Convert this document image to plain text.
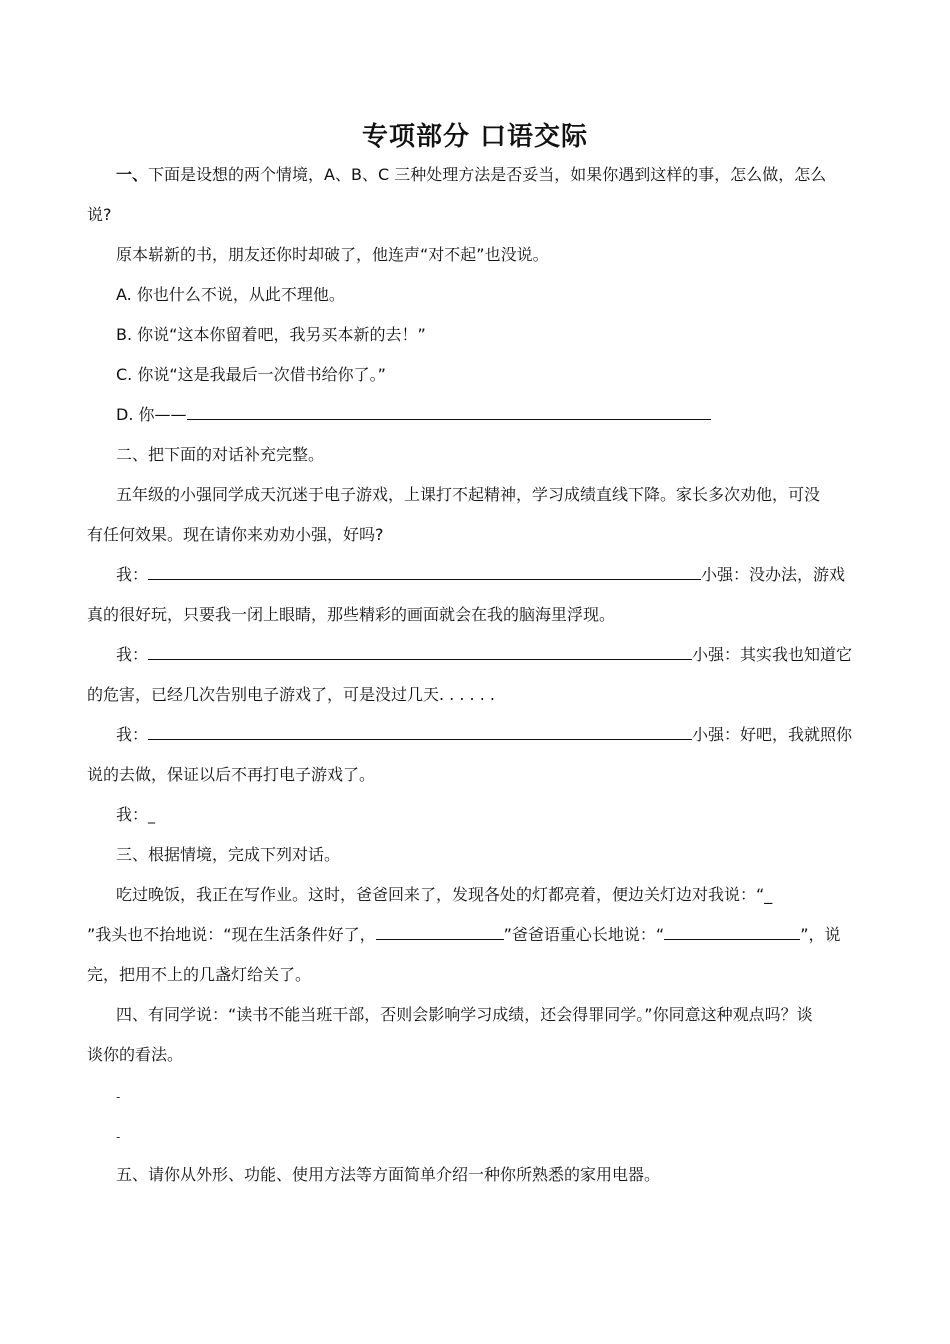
专项部分 口语交际
一、下面是设想的两个情境，A、B、C 三种处理方法是否妥当，如果你遇到这样的事，怎么做，怎么
说?
原本崭新的书，朋友还你时却破了，他连声“对不起”也没说。
A. 你也什么不说，从此不理他。
B. 你说“这本你留着吧，我另买本新的去！”
C. 你说“这是我最后一次借书给你了。”
D. 你——
二、把下面的对话补充完整。
五年级的小强同学成天沉迷于电子游戏，上课打不起精神，学习成绩直线下降。家长多次劝他，可没
有任何效果。现在请你来劝劝小强，好吗?
我：	小强：没办法，游戏
真的很好玩，只要我一闭上眼睛，那些精彩的画面就会在我的脑海里浮现。
我：	小强：其实我也知道它
的危害，已经几次告别电子游戏了，可是没过几天. . . . . .
我：	小强：好吧，我就照你
说的去做，保证以后不再打电子游戏了。
我：_
三、根据情境，完成下列对话。
吃过晚饭，我正在写作业。这时，爸爸回来了，发现各处的灯都亮着，便边关灯边对我说：“_
”我头也不抬地说：“现在生活条件好了，	”爸爸语重心长地说：“	”，说
完，把用不上的几盏灯给关了。
四、有同学说：“读书不能当班干部，否则会影响学习成绩，还会得罪同学。”你同意这种观点吗？谈
谈你的看法。
-
-
五、请你从外形、功能、使用方法等方面简单介绍一种你所熟悉的家用电器。
